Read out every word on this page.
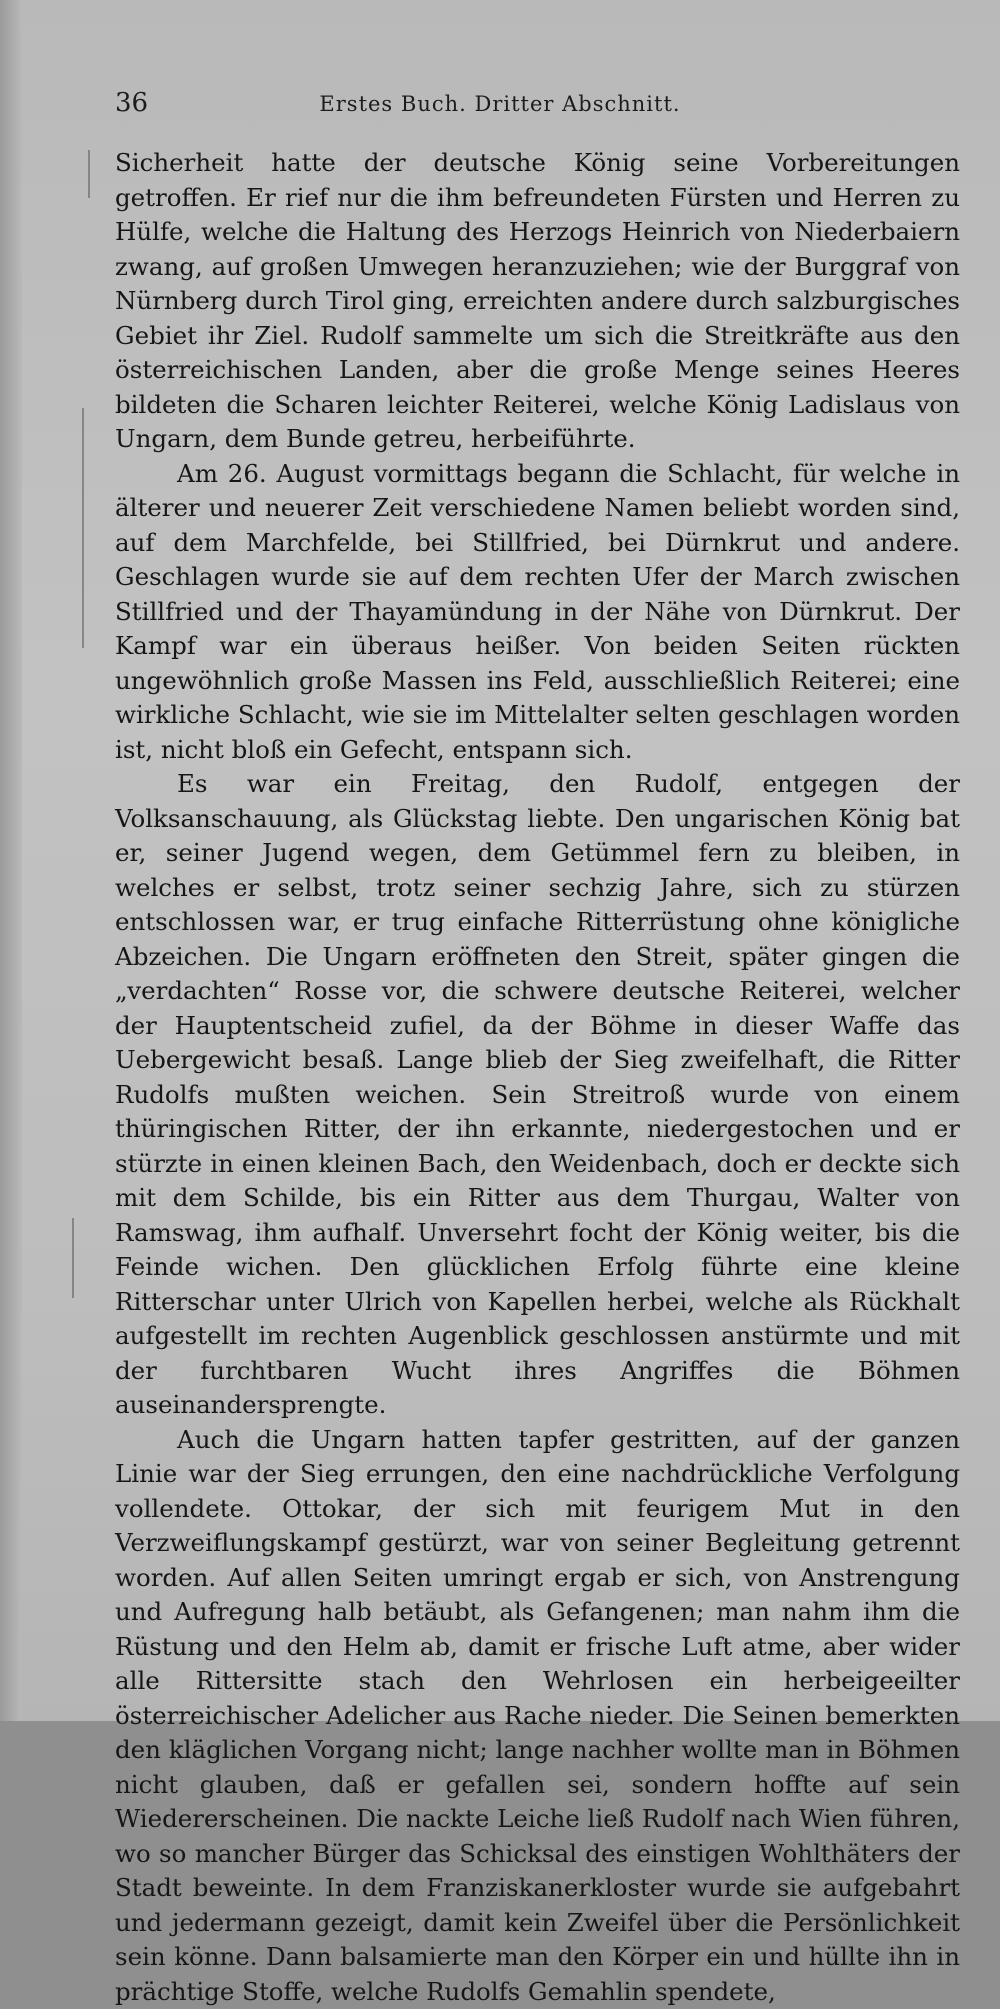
36	Erstes Buch. Dritter Abschnitt.

Sicherheit hatte der deutsche König seine Vorbereitungen getroffen. Er rief nur die ihm befreundeten Fürsten und Herren zu Hülfe, welche die Haltung des Herzogs Heinrich von Niederbaiern zwang, auf großen Umwegen heranzuziehen; wie der Burggraf von Nürnberg durch Tirol ging, erreichten andere durch salzburgisches Gebiet ihr Ziel. Rudolf sammelte um sich die Streitkräfte aus den österreichischen Landen, aber die große Menge seines Heeres bildeten die Scharen leichter Reiterei, welche König Ladislaus von Ungarn, dem Bunde getreu, herbeiführte.

Am 26. August vormittags begann die Schlacht, für welche in älterer und neuerer Zeit verschiedene Namen beliebt worden sind, auf dem Marchfelde, bei Stillfried, bei Dürnkrut und andere. Geschlagen wurde sie auf dem rechten Ufer der March zwischen Stillfried und der Thayamündung in der Nähe von Dürnkrut. Der Kampf war ein überaus heißer. Von beiden Seiten rückten ungewöhnlich große Massen ins Feld, ausschließlich Reiterei; eine wirkliche Schlacht, wie sie im Mittelalter selten geschlagen worden ist, nicht bloß ein Gefecht, entspann sich.

Es war ein Freitag, den Rudolf, entgegen der Volksanschauung, als Glückstag liebte. Den ungarischen König bat er, seiner Jugend wegen, dem Getümmel fern zu bleiben, in welches er selbst, trotz seiner sechzig Jahre, sich zu stürzen entschlossen war, er trug einfache Ritterrüstung ohne königliche Abzeichen. Die Ungarn eröffneten den Streit, später gingen die „verdachten“ Rosse vor, die schwere deutsche Reiterei, welcher der Hauptentscheid zufiel, da der Böhme in dieser Waffe das Uebergewicht besaß. Lange blieb der Sieg zweifelhaft, die Ritter Rudolfs mußten weichen. Sein Streitroß wurde von einem thüringischen Ritter, der ihn erkannte, niedergestochen und er stürzte in einen kleinen Bach, den Weidenbach, doch er deckte sich mit dem Schilde, bis ein Ritter aus dem Thurgau, Walter von Ramswag, ihm aufhalf. Unversehrt focht der König weiter, bis die Feinde wichen. Den glücklichen Erfolg führte eine kleine Ritterschar unter Ulrich von Kapellen herbei, welche als Rückhalt aufgestellt im rechten Augenblick geschlossen anstürmte und mit der furchtbaren Wucht ihres Angriffes die Böhmen auseinandersprengte.

Auch die Ungarn hatten tapfer gestritten, auf der ganzen Linie war der Sieg errungen, den eine nachdrückliche Verfolgung vollendete. Ottokar, der sich mit feurigem Mut in den Verzweiflungskampf gestürzt, war von seiner Begleitung getrennt worden. Auf allen Seiten umringt ergab er sich, von Anstrengung und Aufregung halb betäubt, als Gefangenen; man nahm ihm die Rüstung und den Helm ab, damit er frische Luft atme, aber wider alle Rittersitte stach den Wehrlosen ein herbeigeeilter österreichischer Adelicher aus Rache nieder. Die Seinen bemerkten den kläglichen Vorgang nicht; lange nachher wollte man in Böhmen nicht glauben, daß er gefallen sei, sondern hoffte auf sein Wiedererscheinen. Die nackte Leiche ließ Rudolf nach Wien führen, wo so mancher Bürger das Schicksal des einstigen Wohlthäters der Stadt beweinte. In dem Franziskanerkloster wurde sie aufgebahrt und jedermann gezeigt, damit kein Zweifel über die Persönlichkeit sein könne. Dann balsamierte man den Körper ein und hüllte ihn in prächtige Stoffe, welche Rudolfs Gemahlin spendete,
